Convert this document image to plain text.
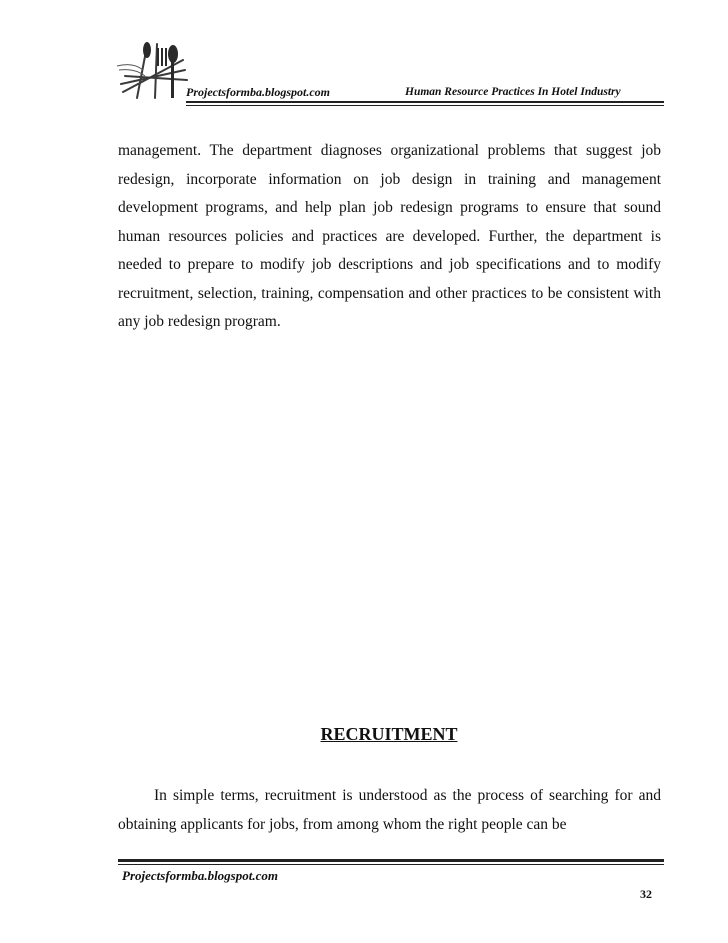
Projectsformba.blogspot.com	Human Resource Practices In Hotel Industry

management. The department diagnoses organizational problems that suggest job redesign, incorporate information on job design in training and management development programs, and help plan job redesign programs to ensure that sound human resources policies and practices are developed. Further, the department is needed to prepare to modify job descriptions and job specifications and to modify recruitment, selection, training, compensation and other practices to be consistent with any job redesign program.

RECRUITMENT

In simple terms, recruitment is understood as the process of searching for and obtaining applicants for jobs, from among whom the right people can be

Projectsformba.blogspot.com
32
